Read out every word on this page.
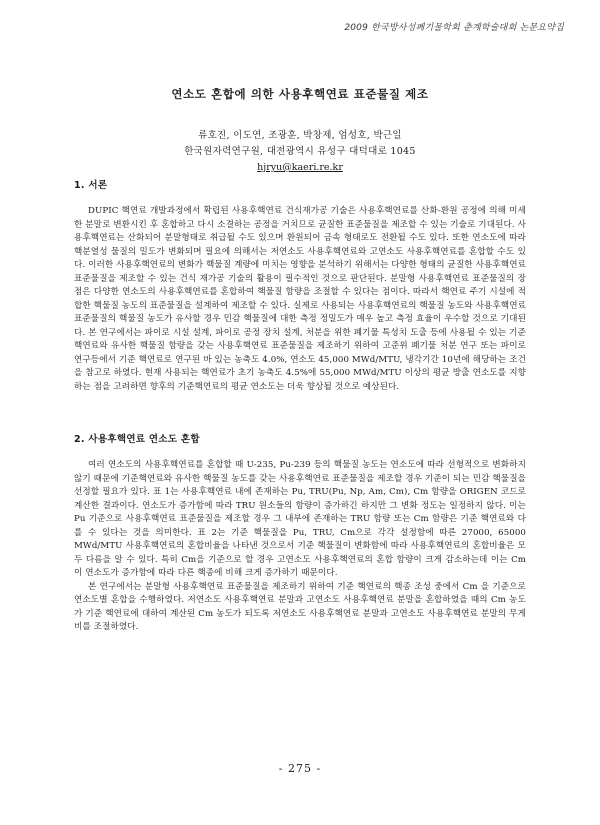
2009 한국방사성폐기물학회 춘계학술대회 논문요약집
연소도 혼합에 의한 사용후핵연료 표준물질 제조
류호진, 이도연, 조광훈, 박창제, 엄성호, 박근일
한국원자력연구원, 대전광역시 유성구 대덕대로 1045
hjryu@kaeri.re.kr
1. 서론

DUPIC 핵연료 개발과정에서 확립된 사용후핵연료 건식재가공 기술은 사용후핵연료를 산화-환원 공정에 의해 미세한 분말로 변환시킨 후 혼합하고 다시 소결하는 공정을 거치므로 균질한 표준물질을 제조할 수 있는 기술로 기대된다. 사용후핵연료는 산화되어 분말형태로 취급될 수도 있으며 환원되어 금속 형태로도 전환될 수도 있다. 또한 연소도에 따라 핵분열성 물질의 밀도가 변화되며 필요에 의해서는 저연소도 사용후핵연료와 고연소도 사용후핵연료를 혼합할 수도 있다. 이러한 사용후핵연료의 변화가 핵물질 계량에 미치는 영향을 분석하기 위해서는 다양한 형태의 균질한 사용후핵연료 표준물질을 제조할 수 있는 건식 재가공 기술의 활용이 필수적인 것으로 판단된다. 분말형 사용후핵연료 표준물질의 장점은 다양한 연소도의 사용후핵연료를 혼합하여 핵물질 함량을 조절할 수 있다는 점이다. 따라서 핵연료 주기 시설에 적합한 핵물질 농도의 표준물질을 설계하여 제조할 수 있다. 실제로 사용되는 사용후핵연료의 핵물질 농도와 사용후핵연료 표준물질의 핵물질 농도가 유사할 경우 민감 핵물질에 대한 측정 정밀도가 매우 높고 측정 효율이 우수할 것으로 기대된다. 본 연구에서는 파이로 시설 설계, 파이로 공정 장치 설계, 처분을 위한 폐기물 특성치 도출 등에 사용될 수 있는 기준 핵연료와 유사한 핵물질 함량을 갖는 사용후핵연료 표준물질을 제조하기 위하여 고준위 폐기물 처분 연구 또는 파이로 연구등에서 기준 핵연료로 연구된 바 있는 농축도 4.0%, 연소도 45,000 MWd/MTU, 냉각기간 10년에 해당하는 조건을 참고로 하였다. 현재 사용되는 핵연료가 초기 농축도 4.5%에 55,000 MWd/MTU 이상의 평균 방출 연소도를 지향하는 점을 고려하면 향후의 기준핵연료의 평균 연소도는 더욱 향상될 것으로 예상된다.

2. 사용후핵연료 연소도 혼합

여러 연소도의 사용후핵연료를 혼합할 때 U-235, Pu-239 등의 핵물질 농도는 연소도에 따라 선형적으로 변화하지 않기 때문에 기준핵연료와 유사한 핵물질 농도를 갖는 사용후핵연료 표준물질을 제조할 경우 기준이 되는 민감 핵물질을 선정할 필요가 있다. 표 1는 사용후핵연료 내에 존재하는 Pu, TRU(Pu, Np, Am, Cm), Cm 함량을 ORIGEN 코드로 계산한 결과이다. 연소도가 증가함에 따라 TRU 원소들의 함량이 증가하긴 하지만 그 변화 정도는 일정하지 않다. 이는 Pu 기준으로 사용후핵연료 표준물질을 제조할 경우 그 내부에 존재하는 TRU 함량 또는 Cm 함량은 기준 핵연료와 다를 수 있다는 것을 의미한다. 표 2는 기준 핵물질을 Pu, TRU, Cm으로 각각 설정함에 따른 27000, 65000 MWd/MTU 사용후핵연료의 혼합비율을 나타낸 것으로서 기준 핵물질이 변화함에 따라 사용후핵연료의 혼합비율은 모두 다름을 알 수 있다. 특히 Cm을 기준으로 할 경우 고연소도 사용후핵연료의 혼합 함량이 크게 감소하는데 이는 Cm 이 연소도가 증가함에 따라 다른 핵종에 비해 크게 증가하기 때문이다.

본 연구에서는 분말형 사용후핵연료 표준물질을 제조하기 위하여 기준 핵연료의 핵종 조성 중에서 Cm 을 기준으로 연소도별 혼합을 수행하였다. 저연소도 사용후핵연료 분말과 고연소도 사용후핵연료 분말을 혼합하였을 때의 Cm 농도가 기준 핵연료에 대하여 계산된 Cm 농도가 되도록 저연소도 사용후핵연료 분말과 고연소도 사용후핵연료 분말의 무게비를 조절하였다.

- 275 -
